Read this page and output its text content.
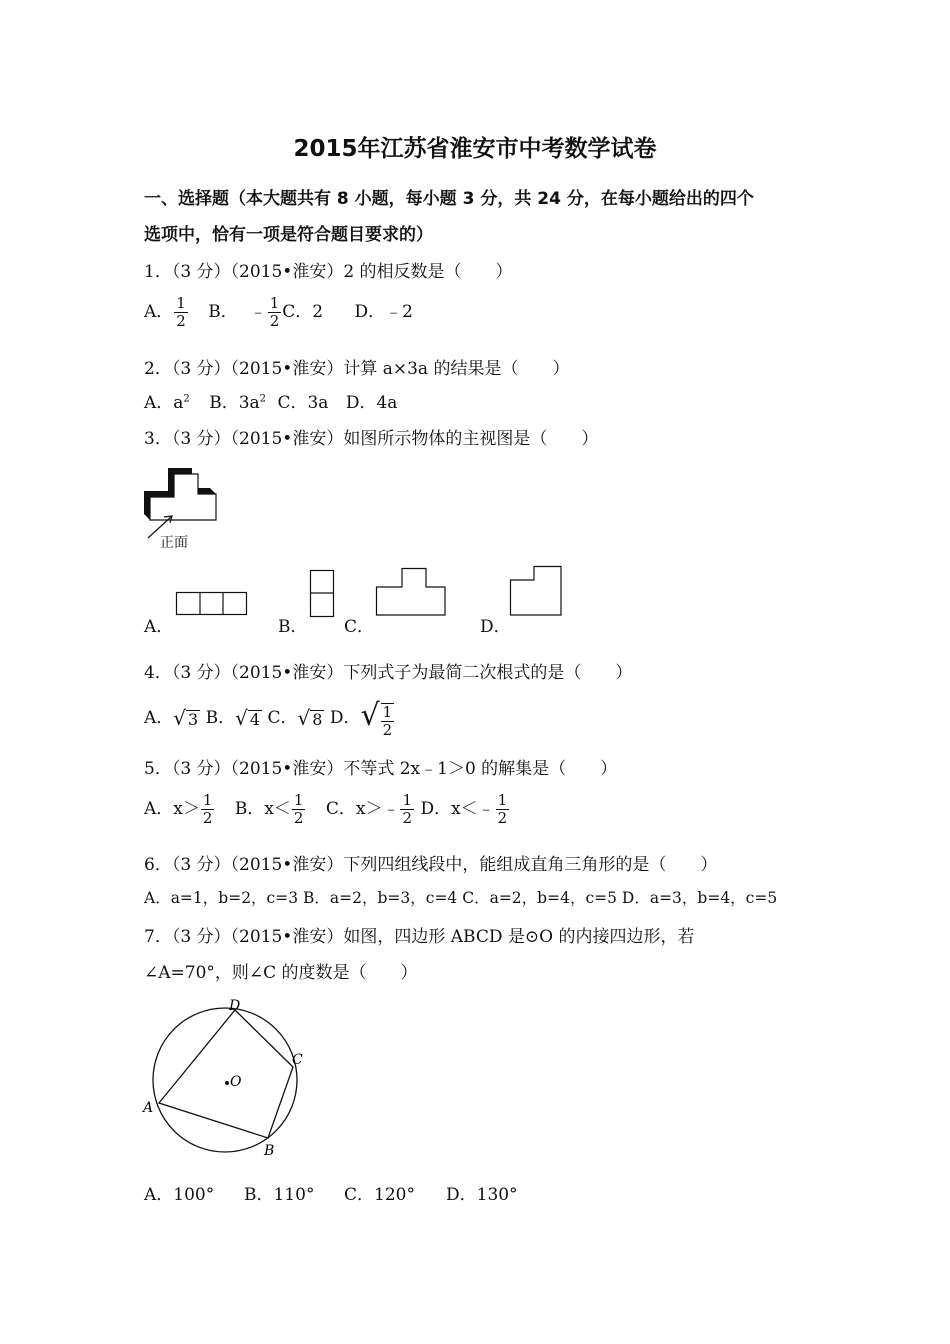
2015年江苏省淮安市中考数学试卷
一、选择题（本大题共有 8 小题，每小题 3 分，共 24 分，在每小题给出的四个
选项中，恰有一项是符合题目要求的）
1．（3 分）（2015•淮安）2 的相反数是（　　）
A． $\frac{1}{2}$ B． ﹣ $\frac{1}{2}$ C．2 D．﹣2
2．（3 分）（2015•淮安）计算 a×3a 的结果是（　　）
A．$a^2$ B．$3a^2$ C．3a D．4a
3．（3 分）（2015•淮安）如图所示物体的主视图是（　　）
正面
A．	B． C．	D．
4．（3 分）（2015•淮安）下列式子为最简二次根式的是（　　）
A．√ 3 B．√ 4 C．√ 8 D．√ $\frac{1}{2}$
5．（3 分）（2015•淮安）不等式 2x﹣1＞0 的解集是（　　）
A．$x> \frac{1}{2}$ B．$x< \frac{1}{2}$ C．x＞﹣ $\frac{1}{2}$ D．x＜﹣ $\frac{1}{2}$
6．（3 分）（2015•淮安）下列四组线段中，能组成直角三角形的是（　　）
A．a=1，b=2，c=3 B．a=2，b=3，c=4 C．a=2，b=4，c=5 D．a=3，b=4，c=5
7．（3 分）（2015•淮安）如图，四边形 ABCD 是⊙O 的内接四边形，若
∠A=70°，则∠C 的度数是（　　）
A
D
C
B
O
A．100° B．110° C．120° D．130°
